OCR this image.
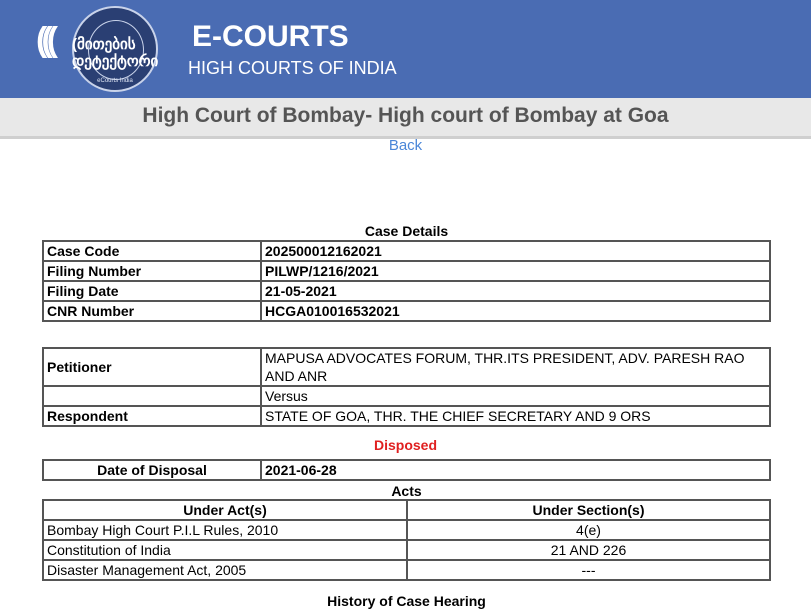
eCourts India
((( (მითების
დეტექტორი
E-COURTS
HIGH COURTS OF INDIA
High Court of Bombay- High court of Bombay at Goa
Back
Case Details
Case Code	202500012162021
Filing Number	PILWP/1216/2021
Filing Date	21-05-2021
CNR Number	HCGA010016532021
Petitioner	MAPUSA ADVOCATES FORUM, THR.ITS PRESIDENT, ADV. PARESH RAO AND ANR
	Versus
Respondent	STATE OF GOA, THR. THE CHIEF SECRETARY AND 9 ORS
Disposed
Date of Disposal	2021-06-28
Acts
Under Act(s)	Under Section(s)
Bombay High Court P.I.L Rules, 2010	4(e)
Constitution of India	21 AND 226
Disaster Management Act, 2005	---
History of Case Hearing
